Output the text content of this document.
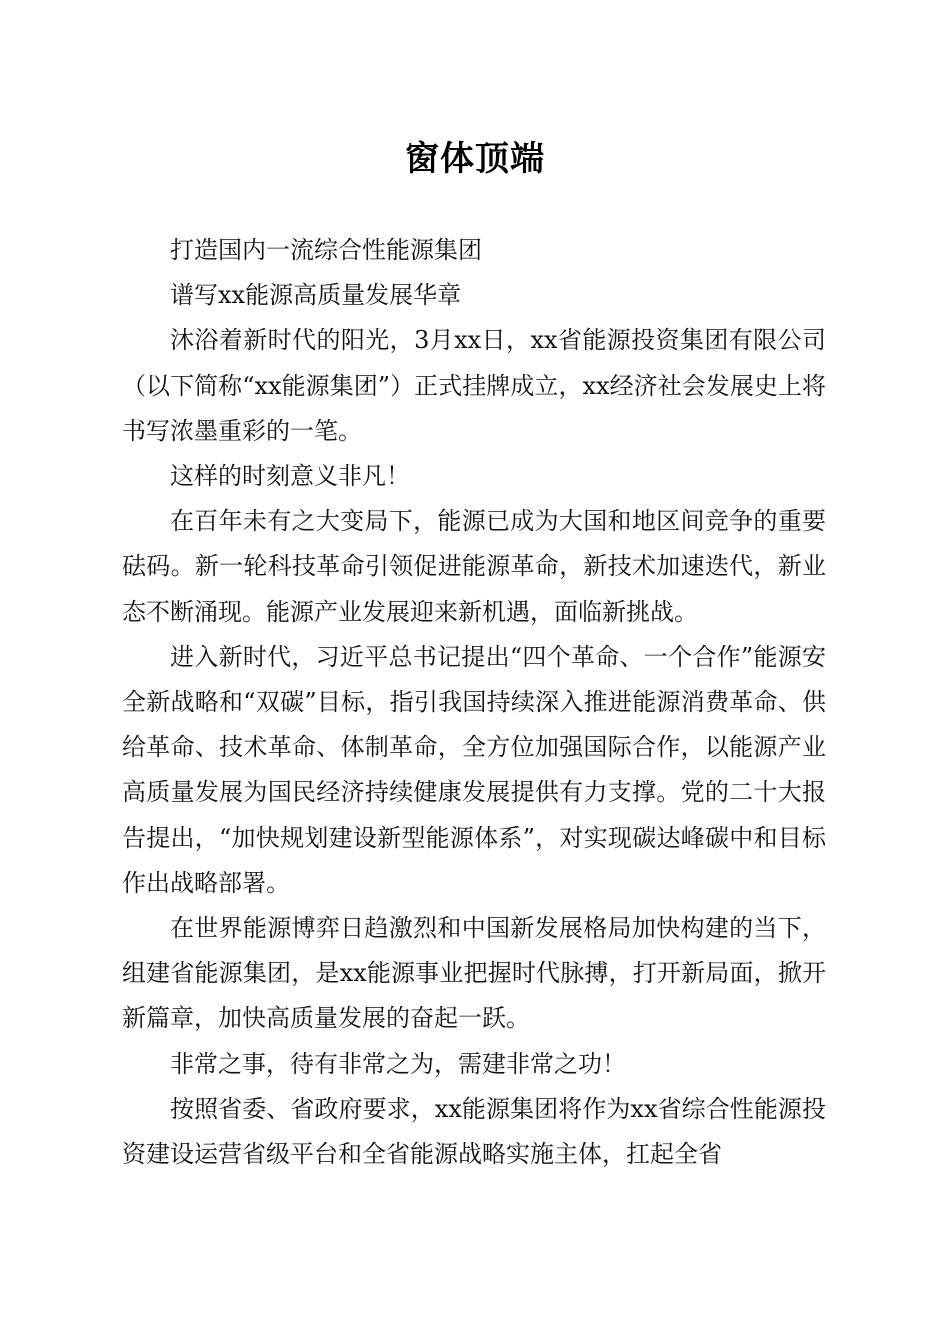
窗体顶端

打造国内一流综合性能源集团

谱写xx能源高质量发展华章

沐浴着新时代的阳光，3月xx日，xx省能源投资集团有限公司（以下简称“xx能源集团”）正式挂牌成立，xx经济社会发展史上将书写浓墨重彩的一笔。

这样的时刻意义非凡！

在百年未有之大变局下，能源已成为大国和地区间竞争的重要砝码。新一轮科技革命引领促进能源革命，新技术加速迭代，新业态不断涌现。能源产业发展迎来新机遇，面临新挑战。

进入新时代，习近平总书记提出“四个革命、一个合作”能源安全新战略和“双碳”目标，指引我国持续深入推进能源消费革命、供给革命、技术革命、体制革命，全方位加强国际合作，以能源产业高质量发展为国民经济持续健康发展提供有力支撑。党的二十大报告提出，“加快规划建设新型能源体系”，对实现碳达峰碳中和目标作出战略部署。

在世界能源博弈日趋激烈和中国新发展格局加快构建的当下，组建省能源集团，是xx能源事业把握时代脉搏，打开新局面，掀开新篇章，加快高质量发展的奋起一跃。

非常之事，待有非常之为，需建非常之功！

按照省委、省政府要求，xx能源集团将作为xx省综合性能源投资建设运营省级平台和全省能源战略实施主体，扛起全省
